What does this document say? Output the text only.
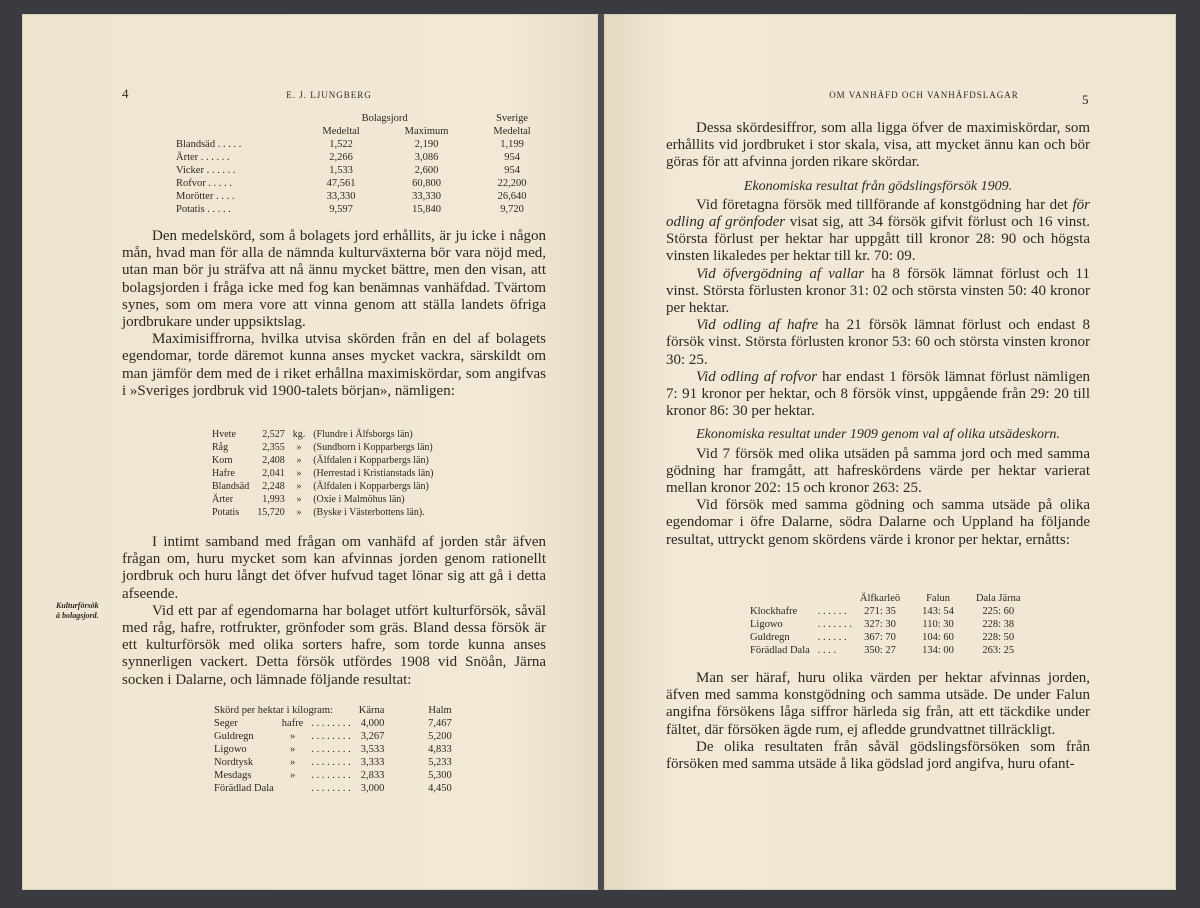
4	E. J. LJUNGBERG
	Bolagsjord		Sverige
	Medeltal	Maximum	Medeltal
Blandsäd . . . . .	1,522	2,190	1,199
Ärter . . . . . .	2,266	3,086	954
Vicker . . . . . .	1,533	2,600	954
Rofvor . . . . .	47,561	60,800	22,200
Morötter . . . .	33,330	33,330	26,640
Potatis . . . . .	9,597	15,840	9,720

Den medelskörd, som å bolagets jord erhållits, är ju icke i någon mån, hvad man för alla de nämnda kulturväxterna bör vara nöjd med, utan man bör ju sträfva att nå ännu mycket bättre, men den visan, att bolagsjorden i fråga icke med fog kan benämnas vanhäfdad. Tvärtom synes, som om mera vore att vinna genom att ställa landets öfriga jordbrukare under uppsiktslag.

Maximisiffrorna, hvilka utvisa skörden från en del af bolagets egendomar, torde däremot kunna anses mycket vackra, särskildt om man jämför dem med de i riket erhållna maximiskördar, som angifvas i »Sveriges jordbruk vid 1900-talets början», nämligen:

Hvete	2,527	kg.	(Flundre i Älfsborgs län)
Råg	2,355	»	(Sundborn i Kopparbergs län)
Korn	2,408	»	(Älfdalen i Kopparbergs län)
Hafre	2,041	»	(Herrestad i Kristianstads län)
Blandsäd	2,248	»	(Älfdalen i Kopparbergs län)
Ärter	1,993	»	(Oxie i Malmöhus län)
Potatis	15,720	»	(Byske i Västerbottens län).

I intimt samband med frågan om vanhäfd af jorden står äfven frågan om, huru mycket som kan afvinnas jorden genom rationellt jordbruk och huru långt det öfver hufvud taget lönar sig att gå i detta afseende.

Vid ett par af egendomarna har bolaget utfört kulturförsök, såväl med råg, hafre, rotfrukter, grönfoder som gräs. Bland dessa försök är ett kulturförsök med olika sorters hafre, som torde kunna anses synnerligen vackert. Detta försök utfördes 1908 vid Snöån, Järna socken i Dalarne, och lämnade följande resultat:

Kulturförsök
å bolagsjord.
Skörd per hektar i kilogram:			Kärna	Halm
Seger	hafre	. . . . . . . .	4,000	7,467
Guldregn	»	. . . . . . . .	3,267	5,200
Ligowo	»	. . . . . . . .	3,533	4,833
Nordtysk	»	. . . . . . . .	3,333	5,233
Mesdags	»	. . . . . . . .	2,833	5,300
Förädlad Dala		. . . . . . . .	3,000	4,450
OM VANHÄFD OCH VANHÄFDSLAGAR	5

Dessa skördesiffror, som alla ligga öfver de maximiskördar, som erhållits vid jordbruket i stor skala, visa, att mycket ännu kan och bör göras för att afvinna jorden rikare skördar.

Ekonomiska resultat från gödslingsförsök 1909.

Vid företagna försök med tillförande af konstgödning har det för odling af grönfoder visat sig, att 34 försök gifvit förlust och 16 vinst. Största förlust per hektar har uppgått till kronor 28: 90 och högsta vinsten likaledes per hektar till kr. 70: 09.

Vid öfvergödning af vallar ha 8 försök lämnat förlust och 11 vinst. Största förlusten kronor 31: 02 och största vinsten 50: 40 kronor per hektar.

Vid odling af hafre ha 21 försök lämnat förlust och endast 8 försök vinst. Största förlusten kronor 53: 60 och största vinsten kronor 30: 25.

Vid odling af rofvor har endast 1 försök lämnat förlust nämligen 7: 91 kronor per hektar, och 8 försök vinst, uppgående från 29: 20 till kronor 86: 30 per hektar.

Ekonomiska resultat under 1909 genom val af olika utsädeskorn.

Vid 7 försök med olika utsäden på samma jord och med samma gödning har framgått, att hafreskördens värde per hektar varierat mellan kronor 202: 15 och kronor 263: 25.

Vid försök med samma gödning och samma utsäde på olika egendomar i öfre Dalarne, södra Dalarne och Uppland ha följande resultat, uttryckt genom skördens värde i kronor per hektar, ernåtts:

		Älfkarleö	Falun	Dala Järna
Klockhafre	. . . . . .	271: 35	143: 54	225: 60
Ligowo	. . . . . . .	327: 30	110: 30	228: 38
Guldregn	. . . . . .	367: 70	104: 60	228: 50
Förädlad Dala	. . . .	350: 27	134: 00	263: 25

Man ser häraf, huru olika värden per hektar afvinnas jorden, äfven med samma konstgödning och samma utsäde. De under Falun angifna försökens låga siffror härleda sig från, att ett täckdike under fältet, där försöken ägde rum, ej afledde grundvattnet tillräckligt.

De olika resultaten från såväl gödslingsförsöken som från försöken med samma utsäde å lika gödslad jord angifva, huru ofant-
